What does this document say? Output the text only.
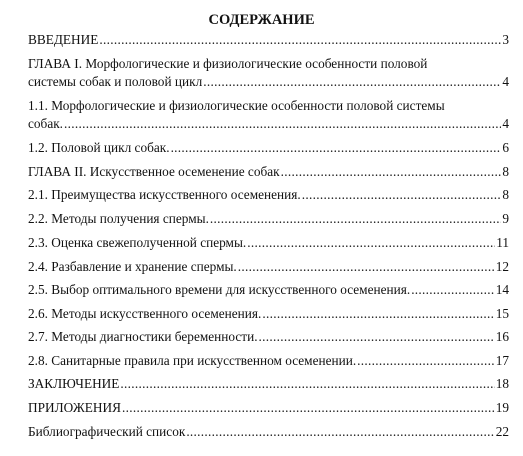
СОДЕРЖАНИЕ
ВВЕДЕНИЕ .....	3
ГЛАВА I. Морфологические и физиологические особенности половой
системы собак и половой цикл .....	4
1.1. Морфологические и физиологические особенности половой системы
собак. .....	4
1.2. Половой цикл собак. .....	6
ГЛАВА II. Искусственное осеменение собак .....	8
2.1. Преимущества искусственного осеменения. .....	8
2.2. Методы получения спермы. .....	9
2.3. Оценка свежеполученной спермы. .....	11
2.4. Разбавление и хранение спермы. .....	12
2.5. Выбор оптимального времени для искусственного осеменения. .....	14
2.6. Методы искусственного осеменения. .....	15
2.7. Методы диагностики беременности. .....	16
2.8. Санитарные правила при искусственном осеменении. .....	17
ЗАКЛЮЧЕНИЕ .....	18
ПРИЛОЖЕНИЯ .....	19
Библиографический список .....	22
